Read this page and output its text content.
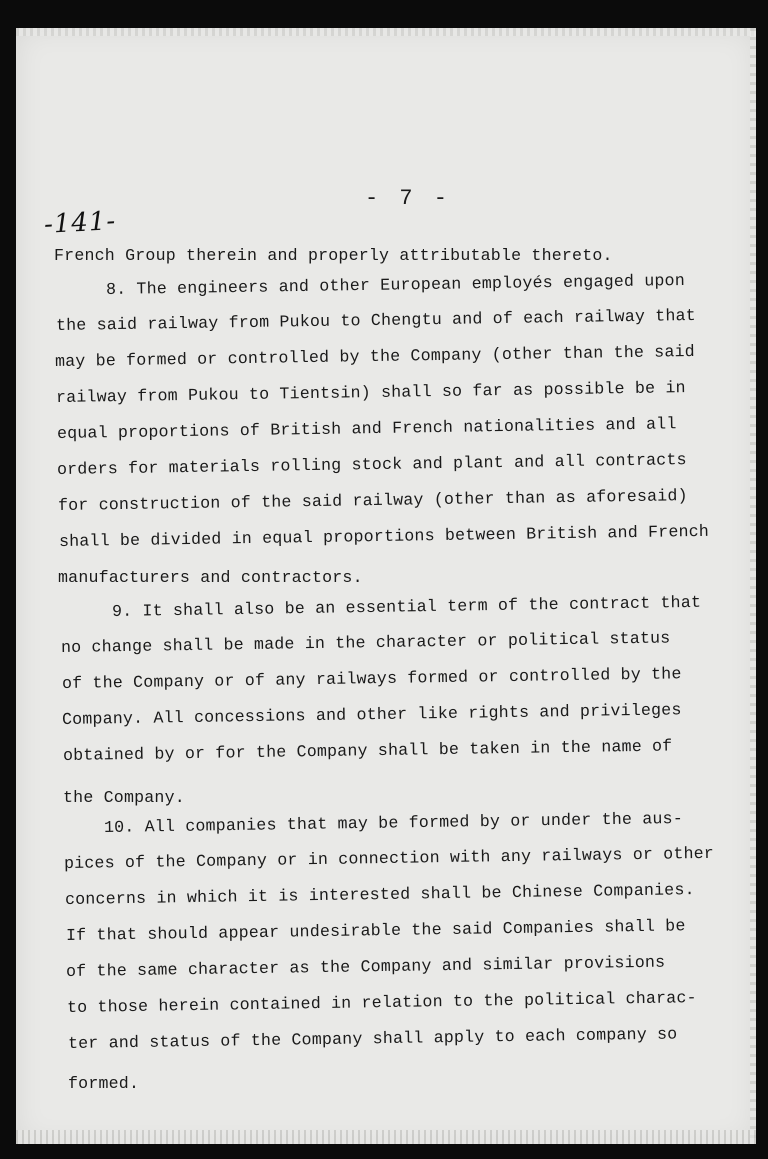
- 7 -
-141-
French Group therein and properly attributable thereto.
8. The engineers and other European employés engaged upon
the said railway from Pukou to Chengtu and of each railway that
may be formed or controlled by the Company (other than the said
railway from Pukou to Tientsin) shall so far as possible be in
equal proportions of British and French nationalities and all
orders for materials rolling stock and plant and all contracts
for construction of the said railway (other than as aforesaid)
shall be divided in equal proportions between British and French
manufacturers and contractors.
9. It shall also be an essential term of the contract that
no change shall be made in the character or political status
of the Company or of any railways formed or controlled by the
Company. All concessions and other like rights and privileges
obtained by or for the Company shall be taken in the name of
the Company.
10. All companies that may be formed by or under the aus-
pices of the Company or in connection with any railways or other
concerns in which it is interested shall be Chinese Companies.
If that should appear undesirable the said Companies shall be
of the same character as the Company and similar provisions
to those herein contained in relation to the political charac-
ter and status of the Company shall apply to each company so
formed.
